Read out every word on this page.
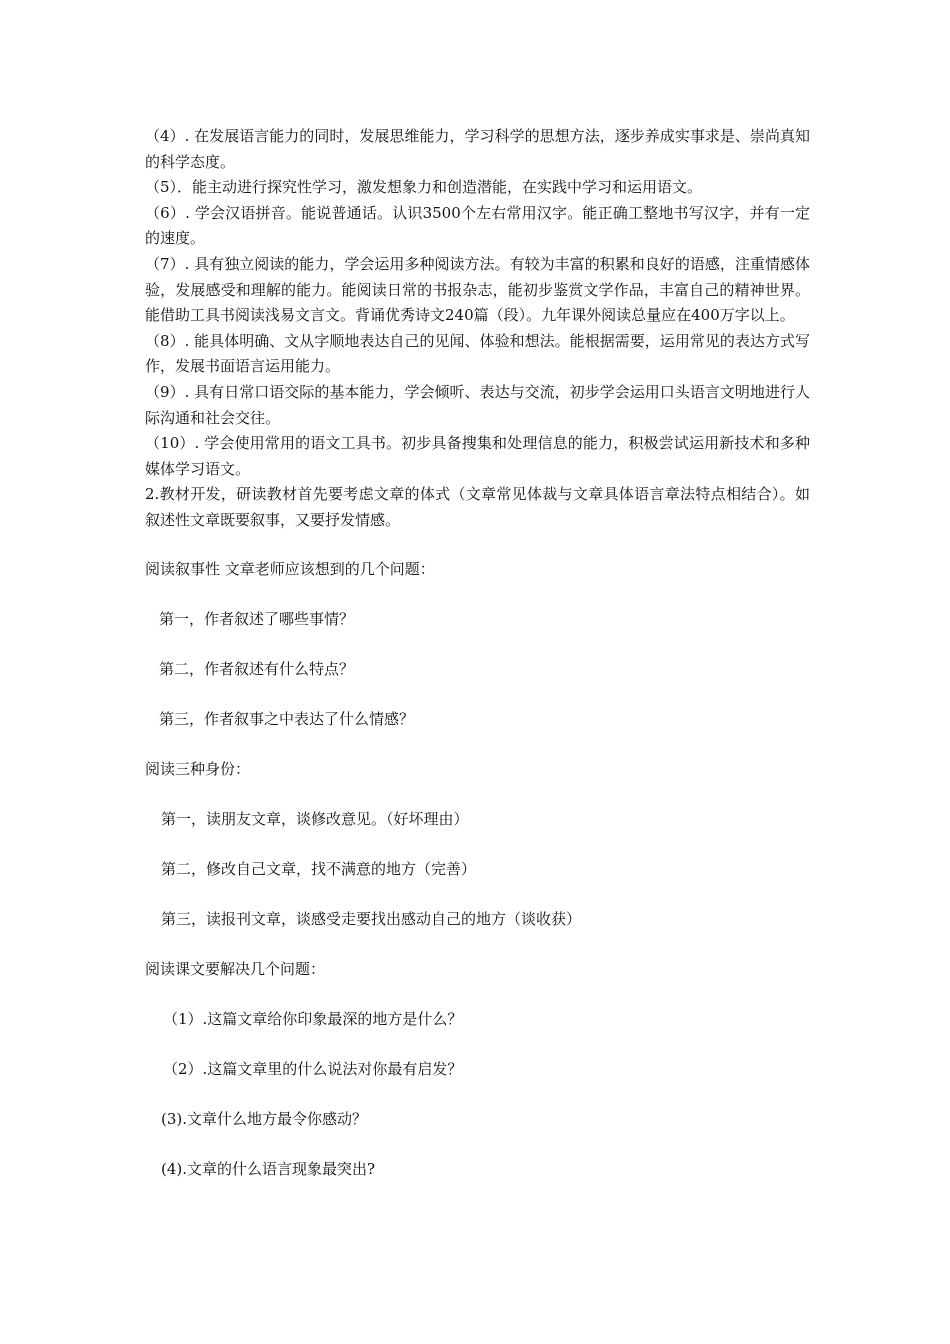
（4）. 在发展语言能力的同时，发展思维能力，学习科学的思想方法，逐步养成实事求是、崇尚真知的科学态度。

（5）．能主动进行探究性学习，激发想象力和创造潜能，在实践中学习和运用语文。

（6）. 学会汉语拼音。能说普通话。认识3500个左右常用汉字。能正确工整地书写汉字，并有一定的速度。

（7）. 具有独立阅读的能力，学会运用多种阅读方法。有较为丰富的积累和良好的语感，注重情感体验，发展感受和理解的能力。能阅读日常的书报杂志，能初步鉴赏文学作品，丰富自己的精神世界。能借助工具书阅读浅易文言文。背诵优秀诗文240篇（段）。九年课外阅读总量应在400万字以上。

（8）. 能具体明确、文从字顺地表达自己的见闻、体验和想法。能根据需要，运用常见的表达方式写作，发展书面语言运用能力。

（9）. 具有日常口语交际的基本能力，学会倾听、表达与交流，初步学会运用口头语言文明地进行人际沟通和社会交往。

（10）. 学会使用常用的语文工具书。初步具备搜集和处理信息的能力，积极尝试运用新技术和多种媒体学习语文。

2.教材开发，研读教材首先要考虑文章的体式（文章常见体裁与文章具体语言章法特点相结合）。如叙述性文章既要叙事，又要抒发情感。

阅读叙事性 文章老师应该想到的几个问题：

第一，作者叙述了哪些事情？

第二，作者叙述有什么特点？

第三，作者叙事之中表达了什么情感？

阅读三种身份：

第一，读朋友文章，谈修改意见。（好坏理由）

第二，修改自己文章，找不满意的地方（完善）

第三，读报刊文章，谈感受走要找出感动自己的地方（谈收获）

阅读课文要解决几个问题：

（1）.这篇文章给你印象最深的地方是什么？

（2）.这篇文章里的什么说法对你最有启发？

(3).文章什么地方最令你感动？

(4).文章的什么语言现象最突出?
